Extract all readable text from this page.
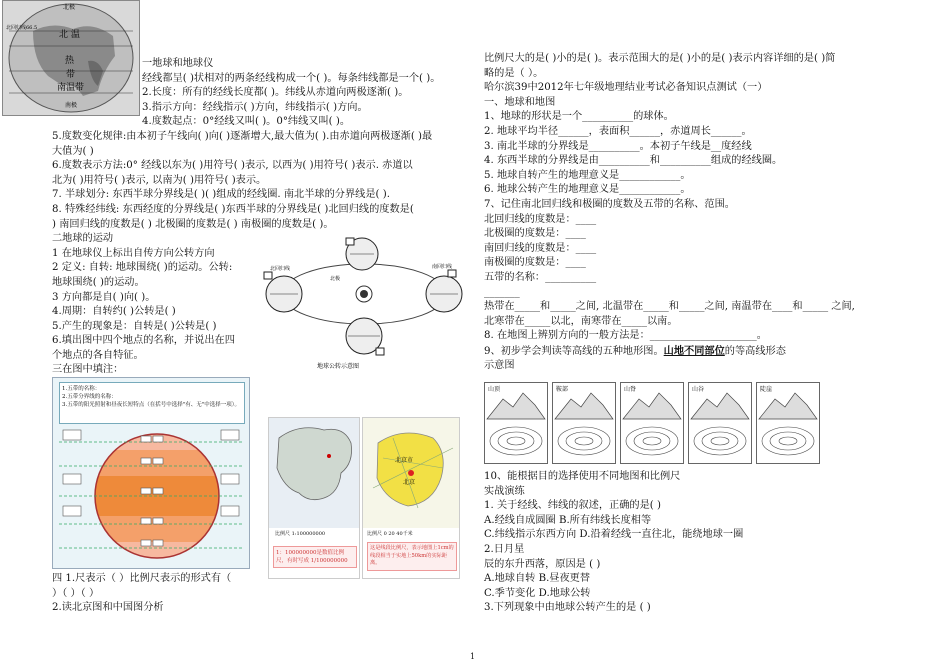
北极
北回归线66.5
北 温
热
带
南温带
南极

一地球和地球仪

经线都呈( )状相对的两条经线构成一个( )。每条纬线都是一个( )。

2.长度：所有的经线长度都( )。纬线从赤道向两极逐渐( )。

3.指示方向：经线指示( )方向，纬线指示( )方向。

4.度数起点：0°经线又叫( )。0°纬线又叫( )。

5.度数变化规律:由本初子午线向( )向( )逐渐增大,最大值为( ).由赤道向两极逐渐( )最

大值为( )

6.度数表示方法:0° 经线以东为( )用符号( )表示, 以西为( )用符号( )表示. 赤道以

北为( )用符号( )表示, 以南为( )用符号( )表示。

7. 半球划分: 东西半球分界线是( )( )组成的经线圈. 南北半球的分界线是( ).

8. 特殊经纬线: 东西经度的分界线是( )东西半球的分界线是( )北回归线的度数是(

) 南回归线的度数是( ) 北极圈的度数是( ) 南极圈的度数是( )。

二地球的运动

1 在地球仪上标出自传方向公转方向

2 定义: 自转: 地球围绕( )的运动。公转:

地球围绕( )的运动。

3 方向都是自( )向( )。

4.周期：自转约( )公转是( )

5.产生的现象是：自转是( )公转是( )

6.填出图中四个地点的名称，并说出在四

个地点的各自特征。

三在图中填注：

北回归线	南回归线
北极
地球公转示意图
1.五带的名称：
2.五带分界线的名称：
3.五带的阳光照射和昼夜长短特点（在括号中选择"有、无"中选择一项）。
比例尺 1:100000000
1：100000000是数值比例尺，有时写成 1/100000000
北京市
北京
比例尺 0 20 40千米
这是线段比例尺，表示地图上1cm的线段相当于实地上50km的实际距离。

四 1.尺表示（ ）比例尺表示的形式有（

）（ ）（ ）

2.读北京图和中国图分析

比例尺大的是( )小的是( )。表示范围大的是( )小的是( )表示内容详细的是( )简

略的是（ ）。

哈尔滨39中2012年七年级地理结业考试必备知识点测试（一）

一、地球和地图

1、地球的形状是一个__________的球体。

2. 地球平均半径______，表面积______，赤道周长______。

3. 南北半球的分界线是__________。本初子午线是__度经线

4. 东西半球的分界线是由__________和__________组成的经线圈。

5. 地球自转产生的地理意义是____________。

6. 地球公转产生的地理意义是____________。

7、记住南北回归线和极圈的度数及五带的名称、范围。

北回归线的度数是：____

北极圈的度数是：____

南回归线的度数是：____

南极圈的度数是：____

五带的名称：__________

_______

热带在_____和_____之间, 北温带在_____和_____之间, 南温带在____和_____ 之间,

北寒带在_____以北，南寒带在_____以南。

8. 在地图上辨别方向的一般方法是：_____________________。

9、初步学会判读等高线的五种地形图。山地不同部位的等高线形态

示意图

山顶	鞍部	山脊	山谷	陡崖

10、能根据目的选择使用不同地图和比例尺

实战演练

1. 关于经线、纬线的叙述，正确的是( )

A.经线自成圆圈 B.所有纬线长度相等

C.纬线指示东西方向 D.沿着经线一直往北，能绕地球一圈

2.日月星

辰的东升西落，原因是 ( )

A.地球自转 B.昼夜更替

C.季节变化 D.地球公转

3.下列现象中由地球公转产生的是 ( )

1
